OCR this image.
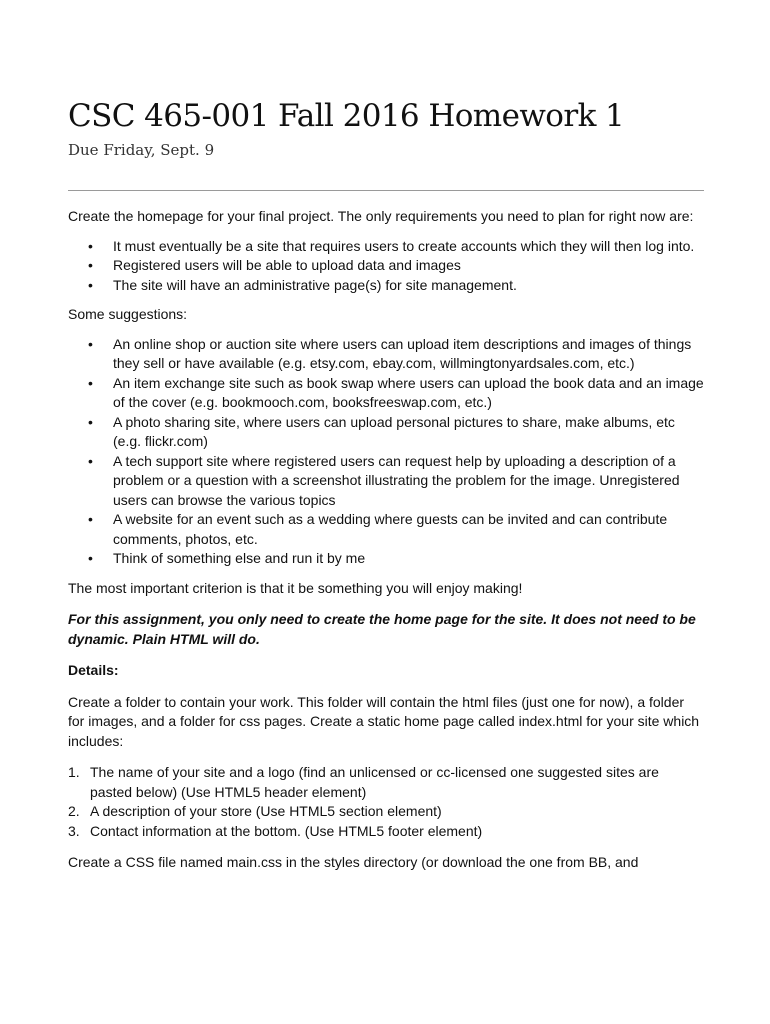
CSC 465-001 Fall 2016 Homework 1
Due Friday, Sept. 9

Create the homepage for your final project. The only requirements you need to plan for right now are:

• It must eventually be a site that requires users to create accounts which they will then log into.
• Registered users will be able to upload data and images
• The site will have an administrative page(s) for site management.

Some suggestions:

• An online shop or auction site where users can upload item descriptions and images of things they sell or have available (e.g. etsy.com, ebay.com, willmingtonyardsales.com, etc.)
• An item exchange site such as book swap where users can upload the book data and an image of the cover (e.g. bookmooch.com, booksfreeswap.com, etc.)
• A photo sharing site, where users can upload personal pictures to share, make albums, etc (e.g. flickr.com)
• A tech support site where registered users can request help by uploading a description of a problem or a question with a screenshot illustrating the problem for the image. Unregistered users can browse the various topics
• A website for an event such as a wedding where guests can be invited and can contribute comments, photos, etc.
• Think of something else and run it by me

The most important criterion is that it be something you will enjoy making!

For this assignment, you only need to create the home page for the site. It does not need to be dynamic. Plain HTML will do.

Details:

Create a folder to contain your work. This folder will contain the html files (just one for now), a folder for images, and a folder for css pages. Create a static home page called index.html for your site which includes:

1. The name of your site and a logo (find an unlicensed or cc-licensed one suggested sites are pasted below) (Use HTML5 header element)
2. A description of your store (Use HTML5 section element)
3. Contact information at the bottom. (Use HTML5 footer element)

Create a CSS file named main.css in the styles directory (or download the one from BB, and
